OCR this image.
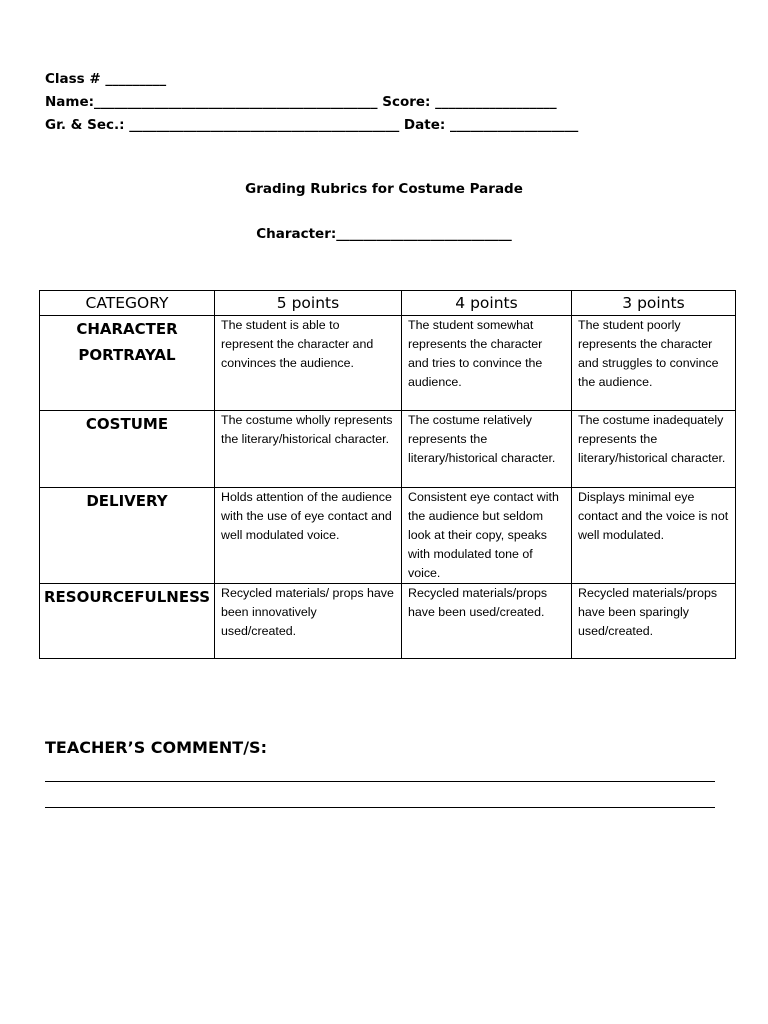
Class # _________
Name:__________________________________________ Score: __________________
Gr. & Sec.: ________________________________________ Date: ___________________
Grading Rubrics for Costume Parade
Character:__________________________
CATEGORY	5 points	4 points	3 points
CHARACTER PORTRAYAL	The student is able to represent the character and convinces the audience.	The student somewhat represents the character and tries to convince the audience.	The student poorly represents the character and struggles to convince the audience.
COSTUME	The costume wholly represents the literary/historical character.	The costume relatively represents the literary/historical character.	The costume inadequately represents the literary/historical character.
DELIVERY	Holds attention of the audience with the use of eye contact and well modulated voice.	Consistent eye contact with the audience but seldom look at their copy, speaks with modulated tone of voice.	Displays minimal eye contact and the voice is not well modulated.
RESOURCEFULNESS	Recycled materials/ props have been innovatively used/created.	Recycled materials/props have been used/created.	Recycled materials/props have been sparingly used/created.
TEACHER’S COMMENT/S:
